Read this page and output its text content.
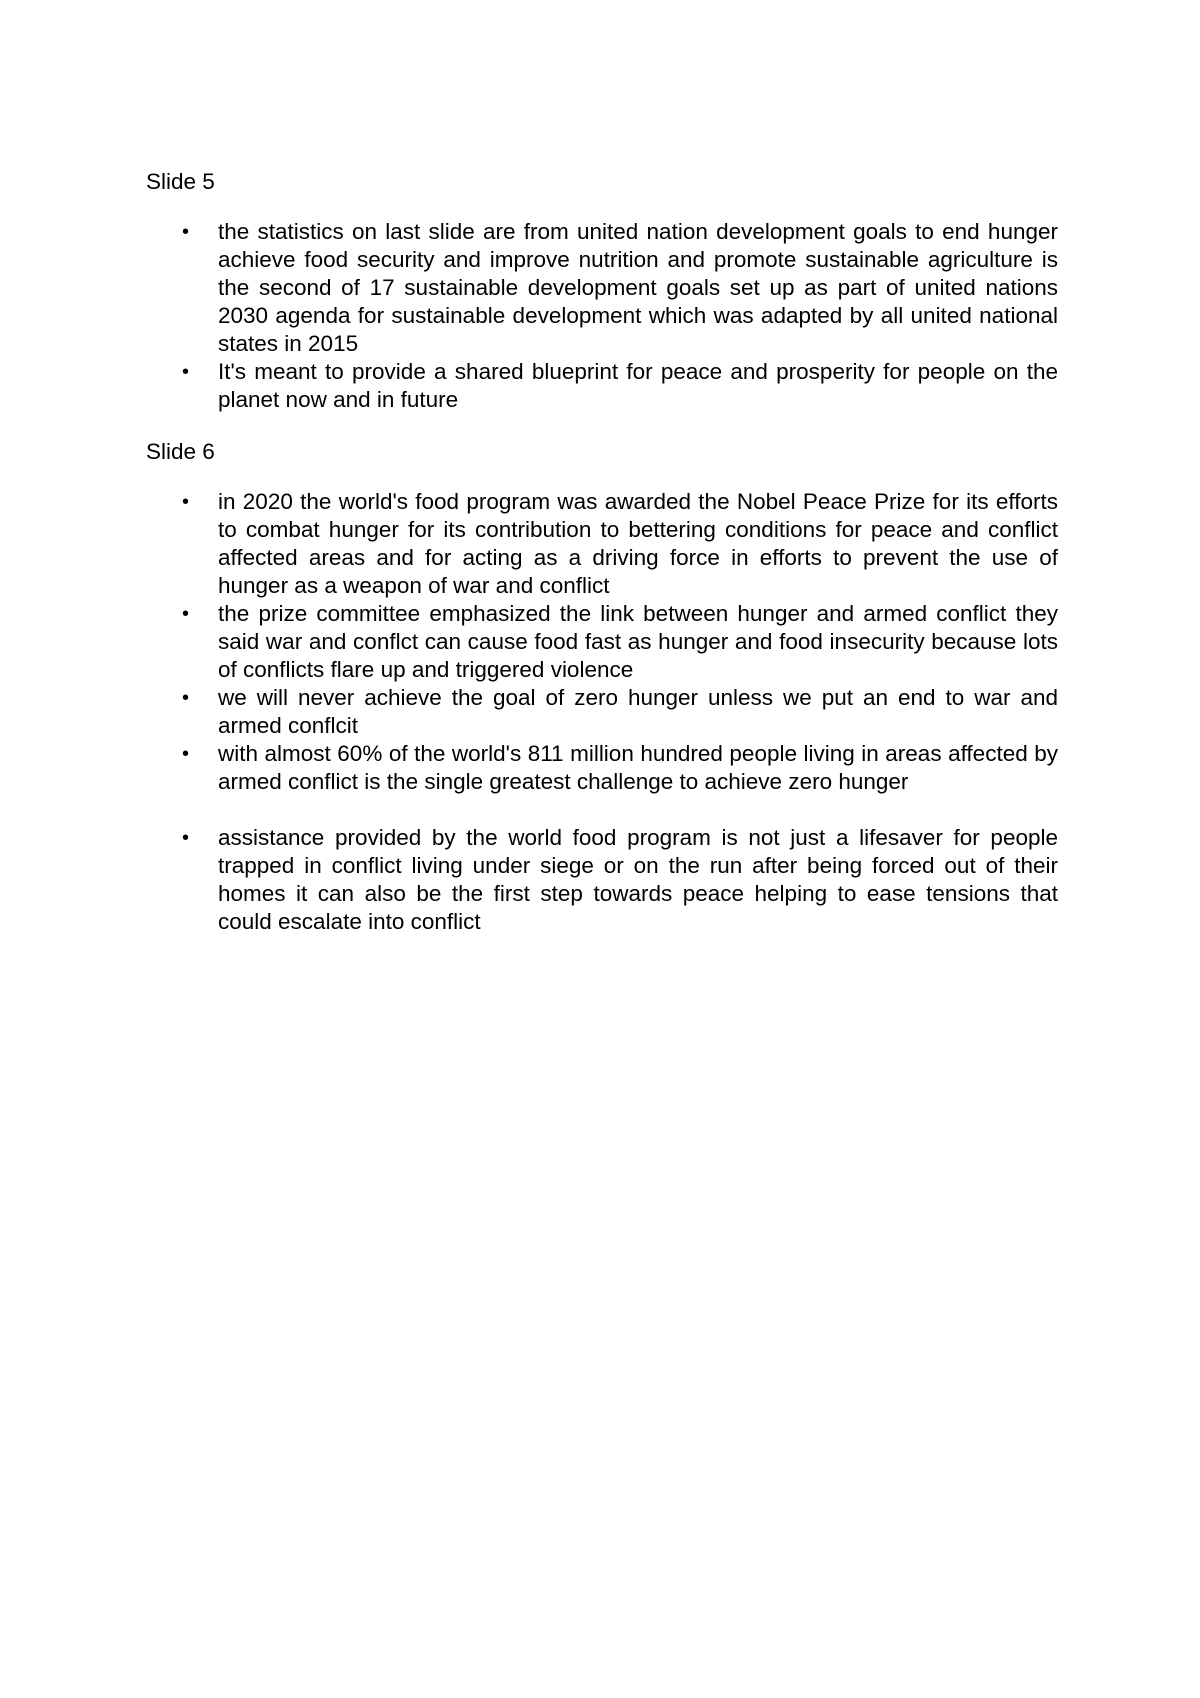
Slide 5

• the statistics on last slide are from united nation development goals to end hunger achieve food security and improve nutrition and promote sustainable agriculture is the second of 17 sustainable development goals set up as part of united nations 2030 agenda for sustainable development which was adapted by all united national states in 2015
• It's meant to provide a shared blueprint for peace and prosperity for people on the planet now and in future

Slide 6

• in 2020 the world's food program was awarded the Nobel Peace Prize for its efforts to combat hunger for its contribution to bettering conditions for peace and conflict affected areas and for acting as a driving force in efforts to prevent the use of hunger as a weapon of war and conflict
• the prize committee emphasized the link between hunger and armed conflict they said war and conflct can cause food fast as hunger and food insecurity because lots of conflicts flare up and triggered violence
• we will never achieve the goal of zero hunger unless we put an end to war and armed conflcit
• with almost 60% of the world's 811 million hundred people living in areas affected by armed conflict is the single greatest challenge to achieve zero hunger
• assistance provided by the world food program is not just a lifesaver for people trapped in conflict living under siege or on the run after being forced out of their homes it can also be the first step towards peace helping to ease tensions that could escalate into conflict
